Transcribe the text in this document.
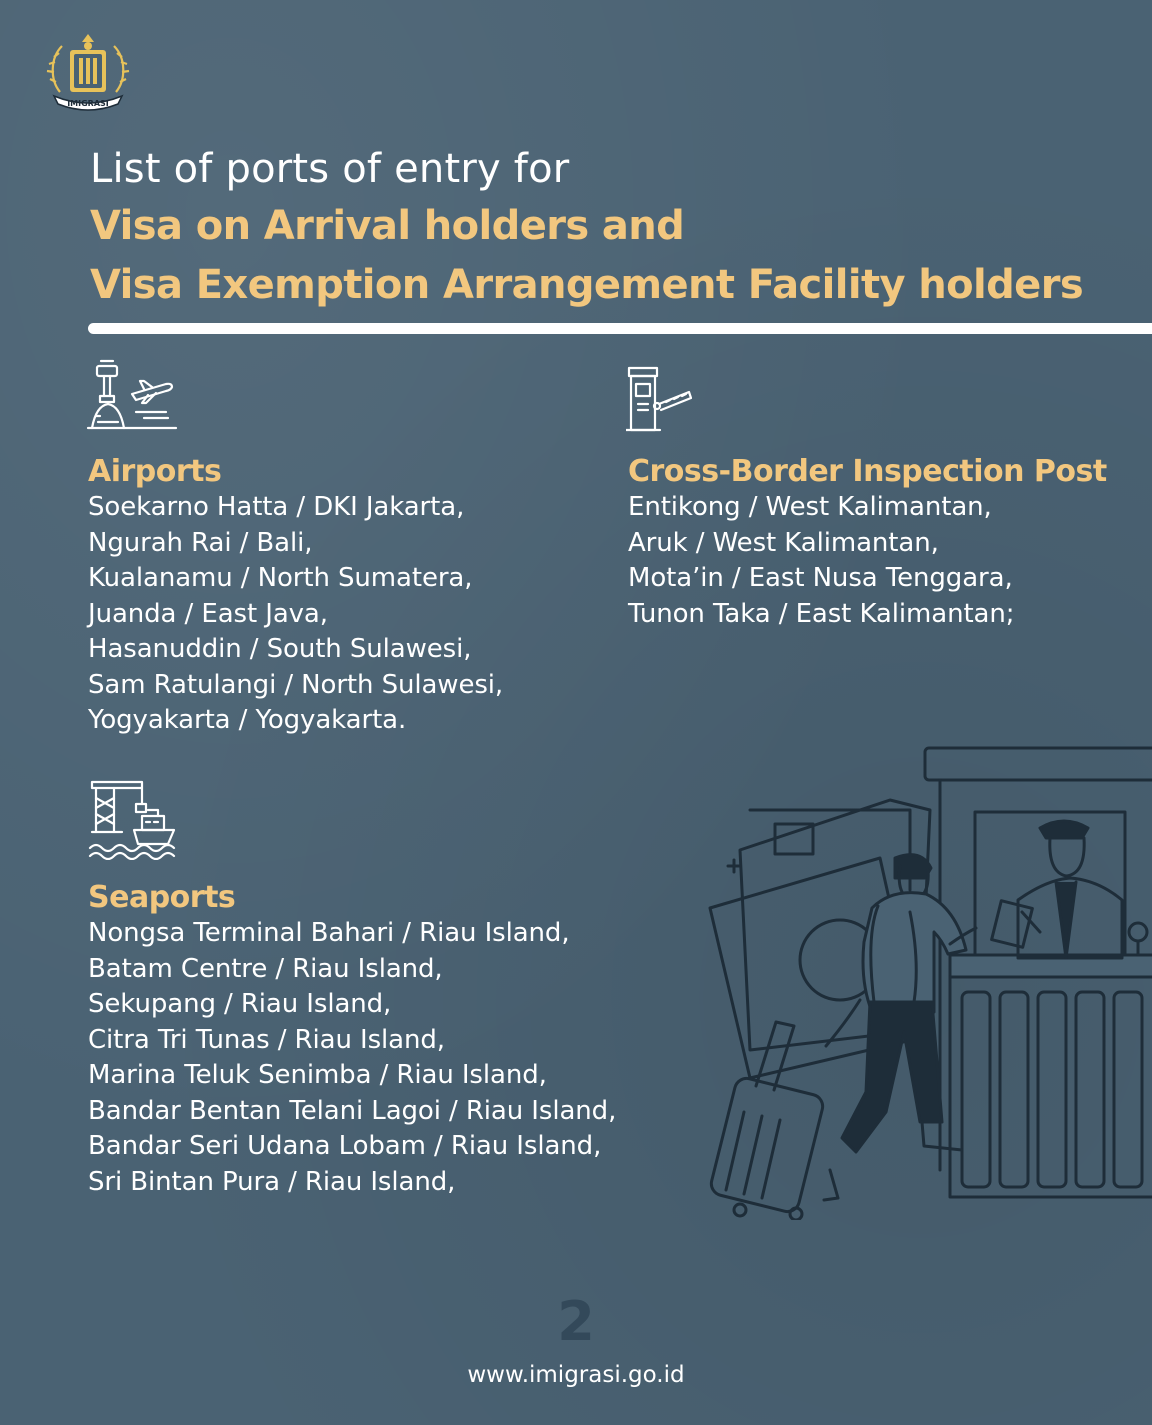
IMIGRASI
List of ports of entry for
Visa on Arrival holders and
Visa Exemption Arrangement Facility holders
Airports
Soekarno Hatta / DKI Jakarta,
Ngurah Rai / Bali,
Kualanamu / North Sumatera,
Juanda / East Java,
Hasanuddin / South Sulawesi,
Sam Ratulangi / North Sulawesi,
Yogyakarta / Yogyakarta.
Cross-Border Inspection Post
Entikong / West Kalimantan,
Aruk / West Kalimantan,
Mota’in / East Nusa Tenggara,
Tunon Taka / East Kalimantan;
Seaports
Nongsa Terminal Bahari / Riau Island,
Batam Centre / Riau Island,
Sekupang / Riau Island,
Citra Tri Tunas / Riau Island,
Marina Teluk Senimba / Riau Island,
Bandar Bentan Telani Lagoi / Riau Island,
Bandar Seri Udana Lobam / Riau Island,
Sri Bintan Pura / Riau Island,
2
www.imigrasi.go.id
